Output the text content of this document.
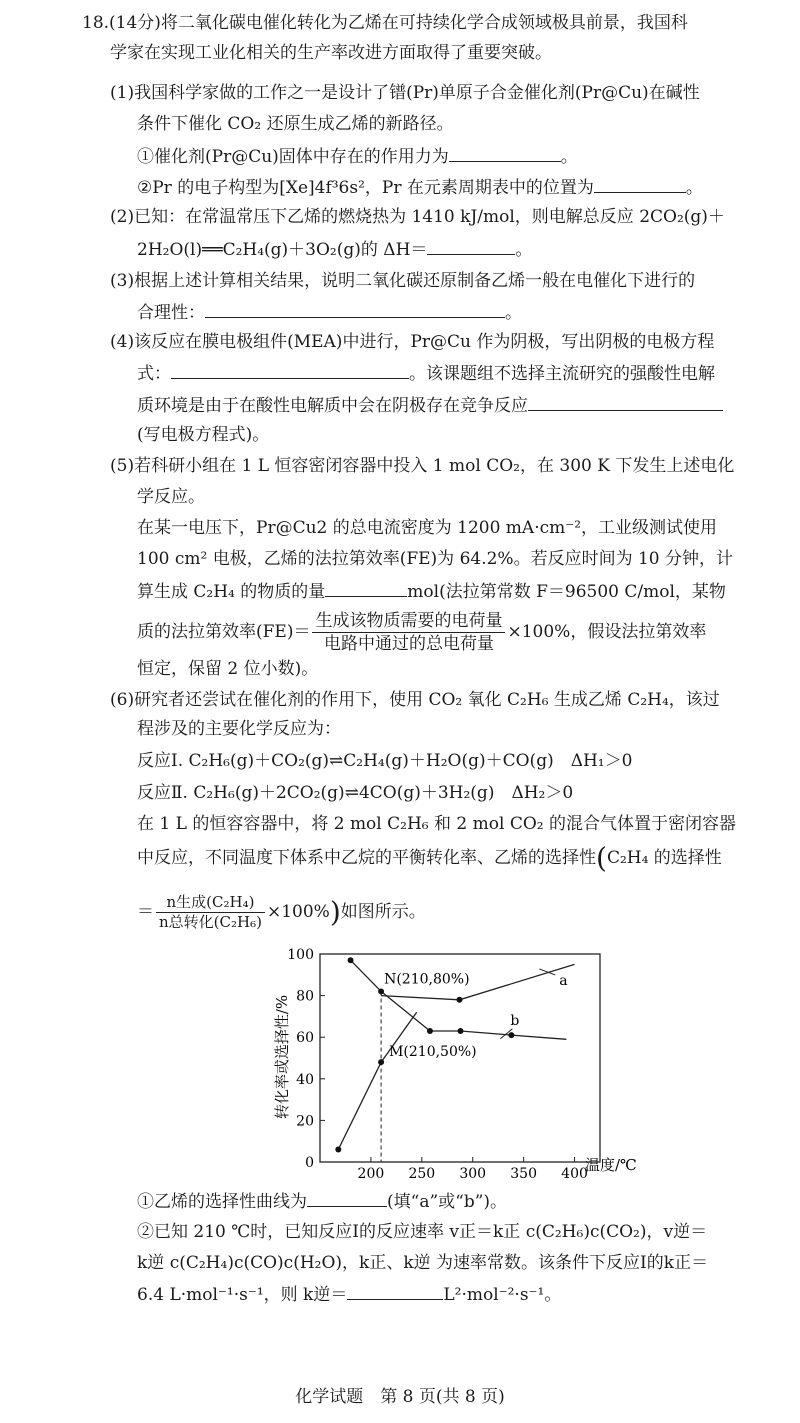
18.(14分)将二氧化碳电催化转化为乙烯在可持续化学合成领域极具前景，我国科
学家在实现工业化相关的生产率改进方面取得了重要突破。
(1)我国科学家做的工作之一是设计了镨(Pr)单原子合金催化剂(Pr@Cu)在碱性
条件下催化 CO₂ 还原生成乙烯的新路径。
①催化剂(Pr@Cu)固体中存在的作用力为	。
②Pr 的电子构型为[Xe]4f³6s²，Pr 在元素周期表中的位置为	。
(2)已知：在常温常压下乙烯的燃烧热为 1410 kJ/mol，则电解总反应 2CO₂(g)＋
2H₂O(l)══C₂H₄(g)＋3O₂(g)的 ΔH＝	。
(3)根据上述计算相关结果，说明二氧化碳还原制备乙烯一般在电催化下进行的
合理性：	。
(4)该反应在膜电极组件(MEA)中进行，Pr@Cu 作为阴极，写出阴极的电极方程
式：	。该课题组不选择主流研究的强酸性电解
质环境是由于在酸性电解质中会在阴极存在竞争反应
(写电极方程式)。
(5)若科研小组在 1 L 恒容密闭容器中投入 1 mol CO₂，在 300 K 下发生上述电化
学反应。
在某一电压下，Pr@Cu2 的总电流密度为 1200 mA·cm⁻²，工业级测试使用
100 cm² 电极，乙烯的法拉第效率(FE)为 64.2%。若反应时间为 10 分钟，计
算生成 C₂H₄ 的物质的量	mol(法拉第常数 F＝96500 C/mol，某物
质的法拉第效率$(FE)= \frac{\text{生成该物质需要的电荷量}}{\text{电路中通过的总电荷量}} \times 100\%$，假设法拉第效率
恒定，保留 2 位小数)。
(6)研究者还尝试在催化剂的作用下，使用 CO₂ 氧化 C₂H₆ 生成乙烯 C₂H₄，该过
程涉及的主要化学反应为：
反应Ⅰ. C₂H₆(g)＋CO₂(g)⇌C₂H₄(g)＋H₂O(g)＋CO(g)　ΔH₁＞0
反应Ⅱ. C₂H₆(g)＋2CO₂(g)⇌4CO(g)＋3H₂(g)　ΔH₂＞0
在 1 L 的恒容容器中，将 2 mol C₂H₆ 和 2 mol CO₂ 的混合气体置于密闭容器
中反应，不同温度下体系中乙烷的平衡转化率、乙烯的选择性(C₂H₄ 的选择性
＝ $\frac{\text{n生成(C₂H₄)}}{\text{n总转化(C₂H₆)}} \times 100\%$)如图所示。
转化率或选择性/%
温度/℃
0
20
40
60
80
100
200 250 300 350 400
N(210,80%)
M(210,50%)
a
b
①乙烯的选择性曲线为	(填“a”或“b”)。
②已知 210 ℃时，已知反应Ⅰ的反应速率 v正＝k正 c(C₂H₆)c(CO₂)，v逆＝
k逆 c(C₂H₄)c(CO)c(H₂O)，k正、k逆 为速率常数。该条件下反应Ⅰ的k正＝
6.4 L·mol⁻¹·s⁻¹，则 k逆＝	L²·mol⁻²·s⁻¹。
化学试题　第 8 页(共 8 页)
